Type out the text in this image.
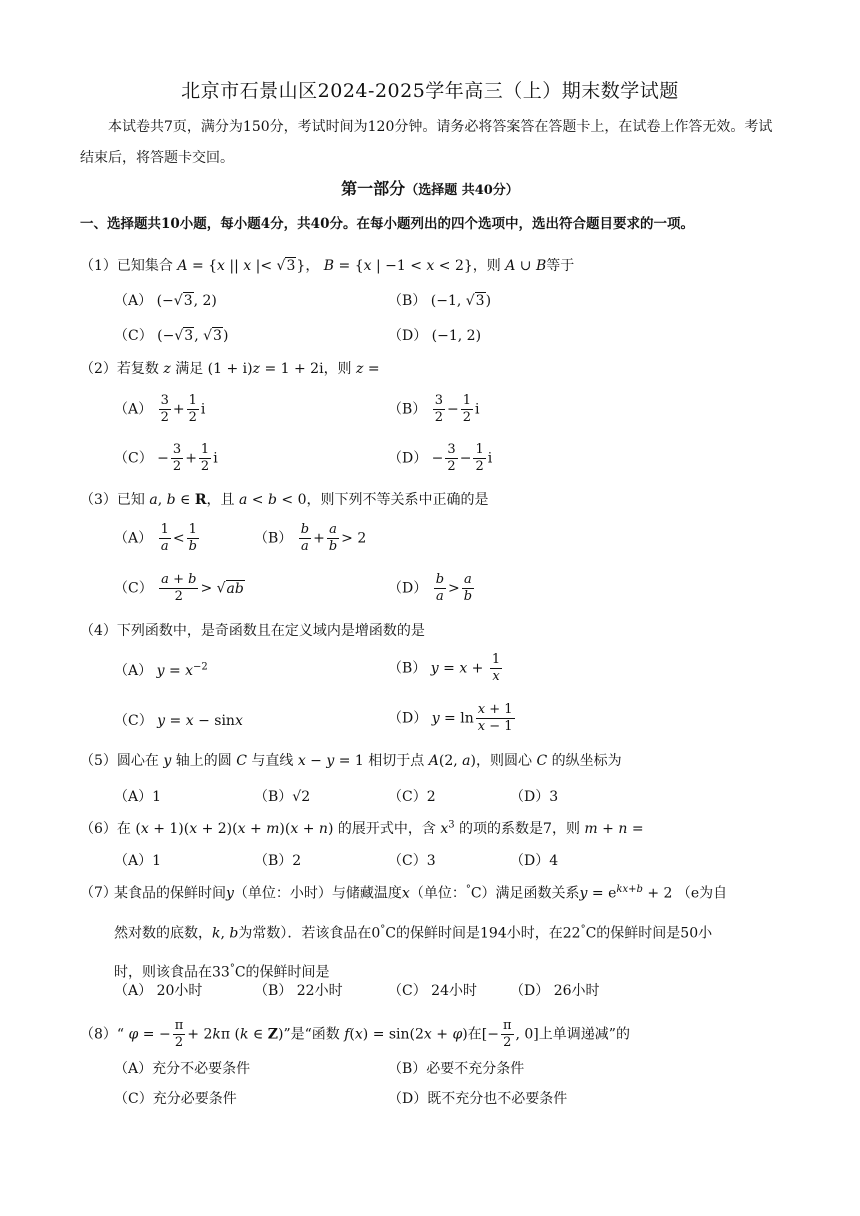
北京市石景山区2024-2025学年高三（上）期末数学试题
本试卷共7页，满分为150分，考试时间为120分钟。请务必将答案答在答题卡上，在试卷上作答无效。考试结束后，将答题卡交回。
第一部分（选择题 共40分）
一、选择题共10小题，每小题4分，共40分。在每小题列出的四个选项中，选出符合题目要求的一项。
（1）已知集合 A = {x || x |< √3}， B = {x | −1 < x < 2}，则 A ∪ B等于
（A） (−√3, 2)	（B） (−1, √3)
（C） (−√3, √3)	（D） (−1, 2)
（2）若复数 z 满足 (1 + i)z = 1 + 2i，则 z =
$(A) \frac{3}{2} + \frac{1}{2}$ i	$(B) \frac{3}{2} - \frac{1}{2}$ i
$(C) - \frac{3}{2} + \frac{1}{2}$ i	$(D) - \frac{3}{2} - \frac{1}{2}$ i
（3）已知 a, b ∈ R，且 a < b < 0，则下列不等关系中正确的是
$(A) \frac{1}{a} < \frac{1}{b}$	$(B) \frac{b}{a} + \frac{a}{b} > 2$
$(C) \frac{a + b}{2} > √ab$	$(D) \frac{b}{a} > \frac{a}{b}$
（4）下列函数中，是奇函数且在定义域内是增函数的是
（A） $y = x^{-2}$	（B） $y = x + \frac{1}{x}$
（C） y = x − sinx	（D） $y = \ln \frac{x + 1}{x - 1}$
（5）圆心在 y 轴上的圆 C 与直线 x − y = 1 相切于点 A(2, a)，则圆心 C 的纵坐标为
（A）1	（B）√2	（C）2	（D）3
（6）在 (x + 1)(x + 2)(x + m)(x + n) 的展开式中，含 $x^3$ 的项的系数是7，则 m + n =
（A）1	（B）2	（C）3	（D）4
（7）
某食品的保鲜时间y（单位：小时）与储藏温度x（单位：°C）满足函数关系$y = e^{kx+b} + 2$ （e为自
然对数的底数，k, b为常数）．若该食品在0°C的保鲜时间是194小时，在22°C的保鲜时间是50小
时，则该食品在33°C的保鲜时间是
（A） 20小时	（B） 22小时	（C） 24小时 （D） 26小时
（8）“ φ = − $\frac{\pi}{2} + 2k\pi$ (k ∈ Z)”是“函数 f(x) = sin(2x + φ)在[− $\frac{\pi}{2}$ , 0]上单调递减”的
（A）充分不必要条件	（B）必要不充分条件
（C）充分必要条件	（D）既不充分也不必要条件
